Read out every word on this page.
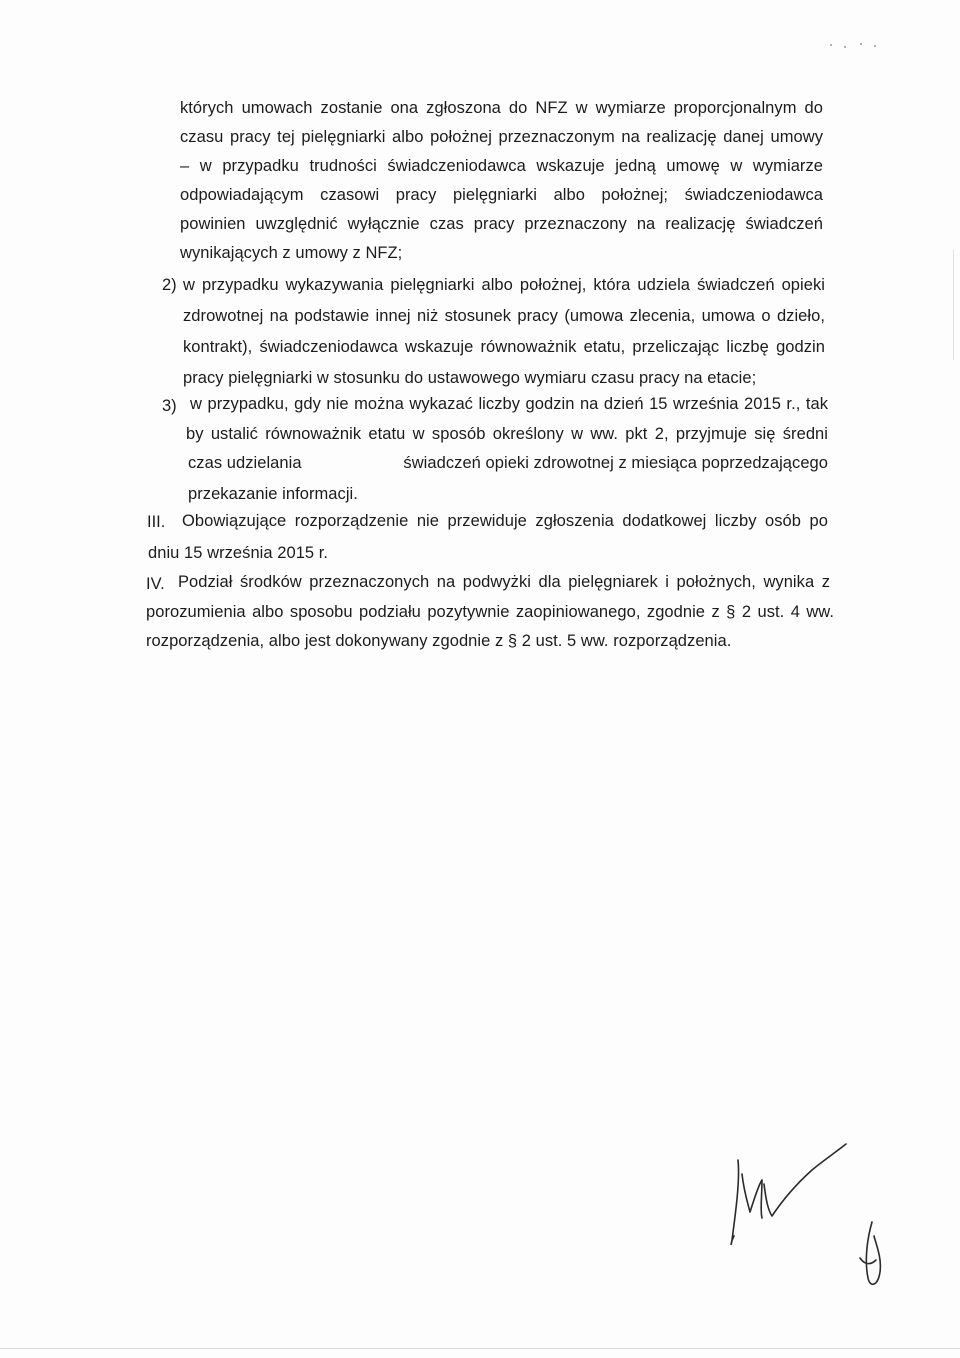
których umowach zostanie ona zgłoszona do NFZ w wymiarze proporcjonalnym do
czasu pracy tej pielęgniarki albo położnej przeznaczonym na realizację danej umowy
– w przypadku trudności świadczeniodawca wskazuje jedną umowę w wymiarze
odpowiadającym czasowi pracy pielęgniarki albo położnej; świadczeniodawca
powinien uwzględnić wyłącznie czas pracy przeznaczony na realizację świadczeń
wynikających z umowy z NFZ;
2) w przypadku wykazywania pielęgniarki albo położnej, która udziela świadczeń opieki
zdrowotnej na podstawie innej niż stosunek pracy (umowa zlecenia, umowa o dzieło,
kontrakt), świadczeniodawca wskazuje równoważnik etatu, przeliczając liczbę godzin
pracy pielęgniarki w stosunku do ustawowego wymiaru czasu pracy na etacie;
3) w przypadku, gdy nie można wykazać liczby godzin na dzień 15 września 2015 r., tak
by ustalić równoważnik etatu w sposób określony w ww. pkt 2, przyjmuje się średni
czas udzielania	świadczeń opieki zdrowotnej z miesiąca poprzedzającego
przekazanie informacji.
III. Obowiązujące rozporządzenie nie przewiduje zgłoszenia dodatkowej liczby osób po
dniu 15 września 2015 r.
IV. Podział środków przeznaczonych na podwyżki dla pielęgniarek i położnych, wynika z
porozumienia albo sposobu podziału pozytywnie zaopiniowanego, zgodnie z § 2 ust. 4 ww.
rozporządzenia, albo jest dokonywany zgodnie z § 2 ust. 5 ww. rozporządzenia.
